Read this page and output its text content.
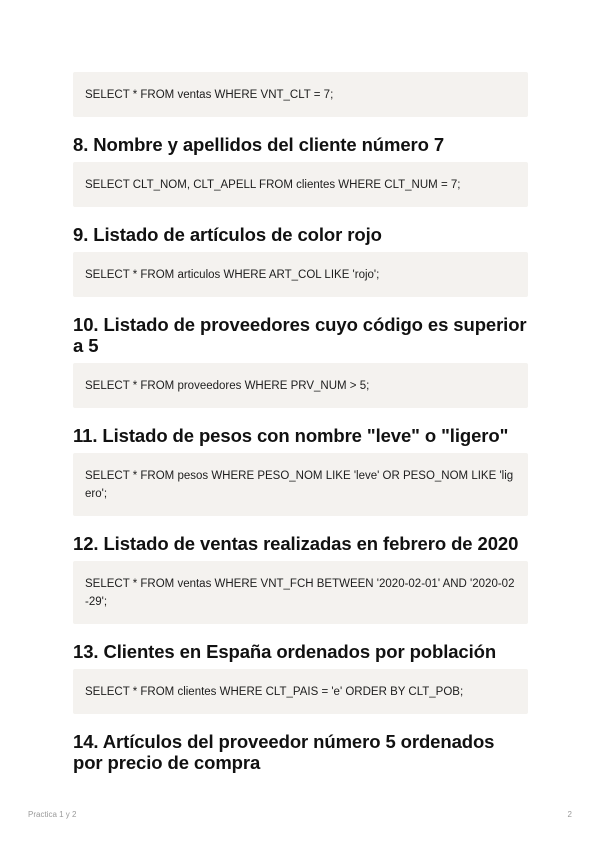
SELECT * FROM ventas WHERE VNT_CLT = 7;
8. Nombre y apellidos del cliente número 7
SELECT CLT_NOM, CLT_APELL FROM clientes WHERE CLT_NUM = 7;
9. Listado de artículos de color rojo
SELECT * FROM articulos WHERE ART_COL LIKE 'rojo';
10. Listado de proveedores cuyo código es superior a 5
SELECT * FROM proveedores WHERE PRV_NUM > 5;
11. Listado de pesos con nombre "leve" o "ligero"
SELECT * FROM pesos WHERE PESO_NOM LIKE 'leve' OR PESO_NOM LIKE 'ligero';
12. Listado de ventas realizadas en febrero de 2020
SELECT * FROM ventas WHERE VNT_FCH BETWEEN '2020-02-01' AND '2020-02-29';
13. Clientes en España ordenados por población
SELECT * FROM clientes WHERE CLT_PAIS = 'e' ORDER BY CLT_POB;
14. Artículos del proveedor número 5 ordenados por precio de compra
Practica 1 y 2	2
